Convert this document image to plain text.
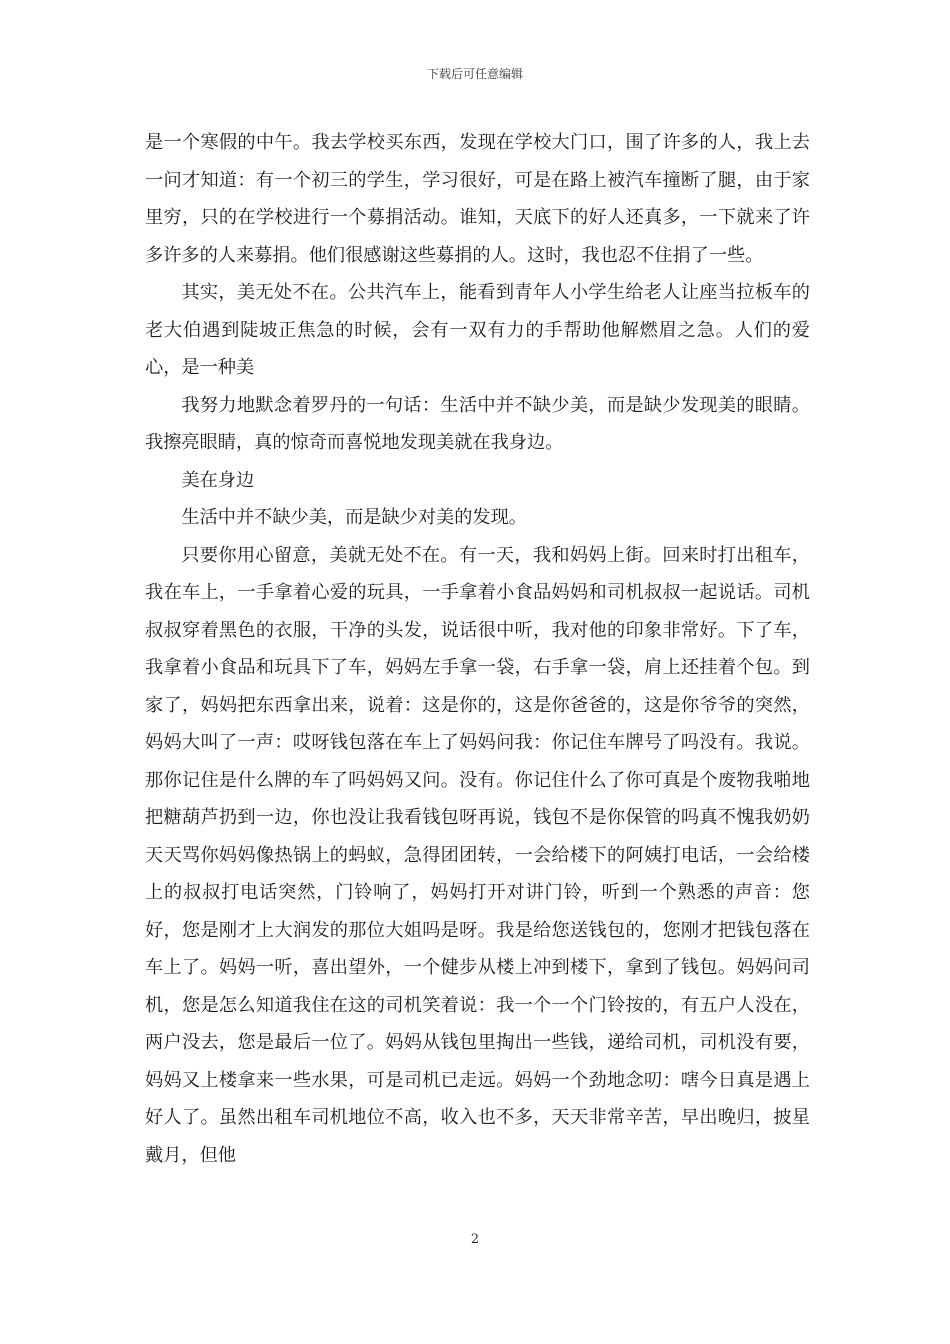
下载后可任意编辑

是一个寒假的中午。我去学校买东西，发现在学校大门口，围了许多的人，我上去一问才知道：有一个初三的学生，学习很好，可是在路上被汽车撞断了腿，由于家里穷，只的在学校进行一个募捐活动。谁知，天底下的好人还真多，一下就来了许多许多的人来募捐。他们很感谢这些募捐的人。这时，我也忍不住捐了一些。

其实，美无处不在。公共汽车上，能看到青年人小学生给老人让座当拉板车的老大伯遇到陡坡正焦急的时候，会有一双有力的手帮助他解燃眉之急。人们的爱心，是一种美

我努力地默念着罗丹的一句话：生活中并不缺少美，而是缺少发现美的眼睛。我擦亮眼睛，真的惊奇而喜悦地发现美就在我身边。

美在身边

生活中并不缺少美，而是缺少对美的发现。

只要你用心留意，美就无处不在。有一天，我和妈妈上街。回来时打出租车，我在车上，一手拿着心爱的玩具，一手拿着小食品妈妈和司机叔叔一起说话。司机叔叔穿着黑色的衣服，干净的头发，说话很中听，我对他的印象非常好。下了车，我拿着小食品和玩具下了车，妈妈左手拿一袋，右手拿一袋，肩上还挂着个包。到家了，妈妈把东西拿出来，说着：这是你的，这是你爸爸的，这是你爷爷的突然，妈妈大叫了一声：哎呀钱包落在车上了妈妈问我：你记住车牌号了吗没有。我说。那你记住是什么牌的车了吗妈妈又问。没有。你记住什么了你可真是个废物我啪地把糖葫芦扔到一边，你也没让我看钱包呀再说，钱包不是你保管的吗真不愧我奶奶天天骂你妈妈像热锅上的蚂蚁，急得团团转，一会给楼下的阿姨打电话，一会给楼上的叔叔打电话突然，门铃响了，妈妈打开对讲门铃，听到一个熟悉的声音：您好，您是刚才上大润发的那位大姐吗是呀。我是给您送钱包的，您刚才把钱包落在车上了。妈妈一听，喜出望外，一个健步从楼上冲到楼下，拿到了钱包。妈妈问司机，您是怎么知道我住在这的司机笑着说：我一个一个门铃按的，有五户人没在，两户没去，您是最后一位了。妈妈从钱包里掏出一些钱，递给司机，司机没有要，妈妈又上楼拿来一些水果，可是司机已走远。妈妈一个劲地念叨：嗐今日真是遇上好人了。虽然出租车司机地位不高，收入也不多，天天非常辛苦，早出晚归，披星戴月，但他

2
